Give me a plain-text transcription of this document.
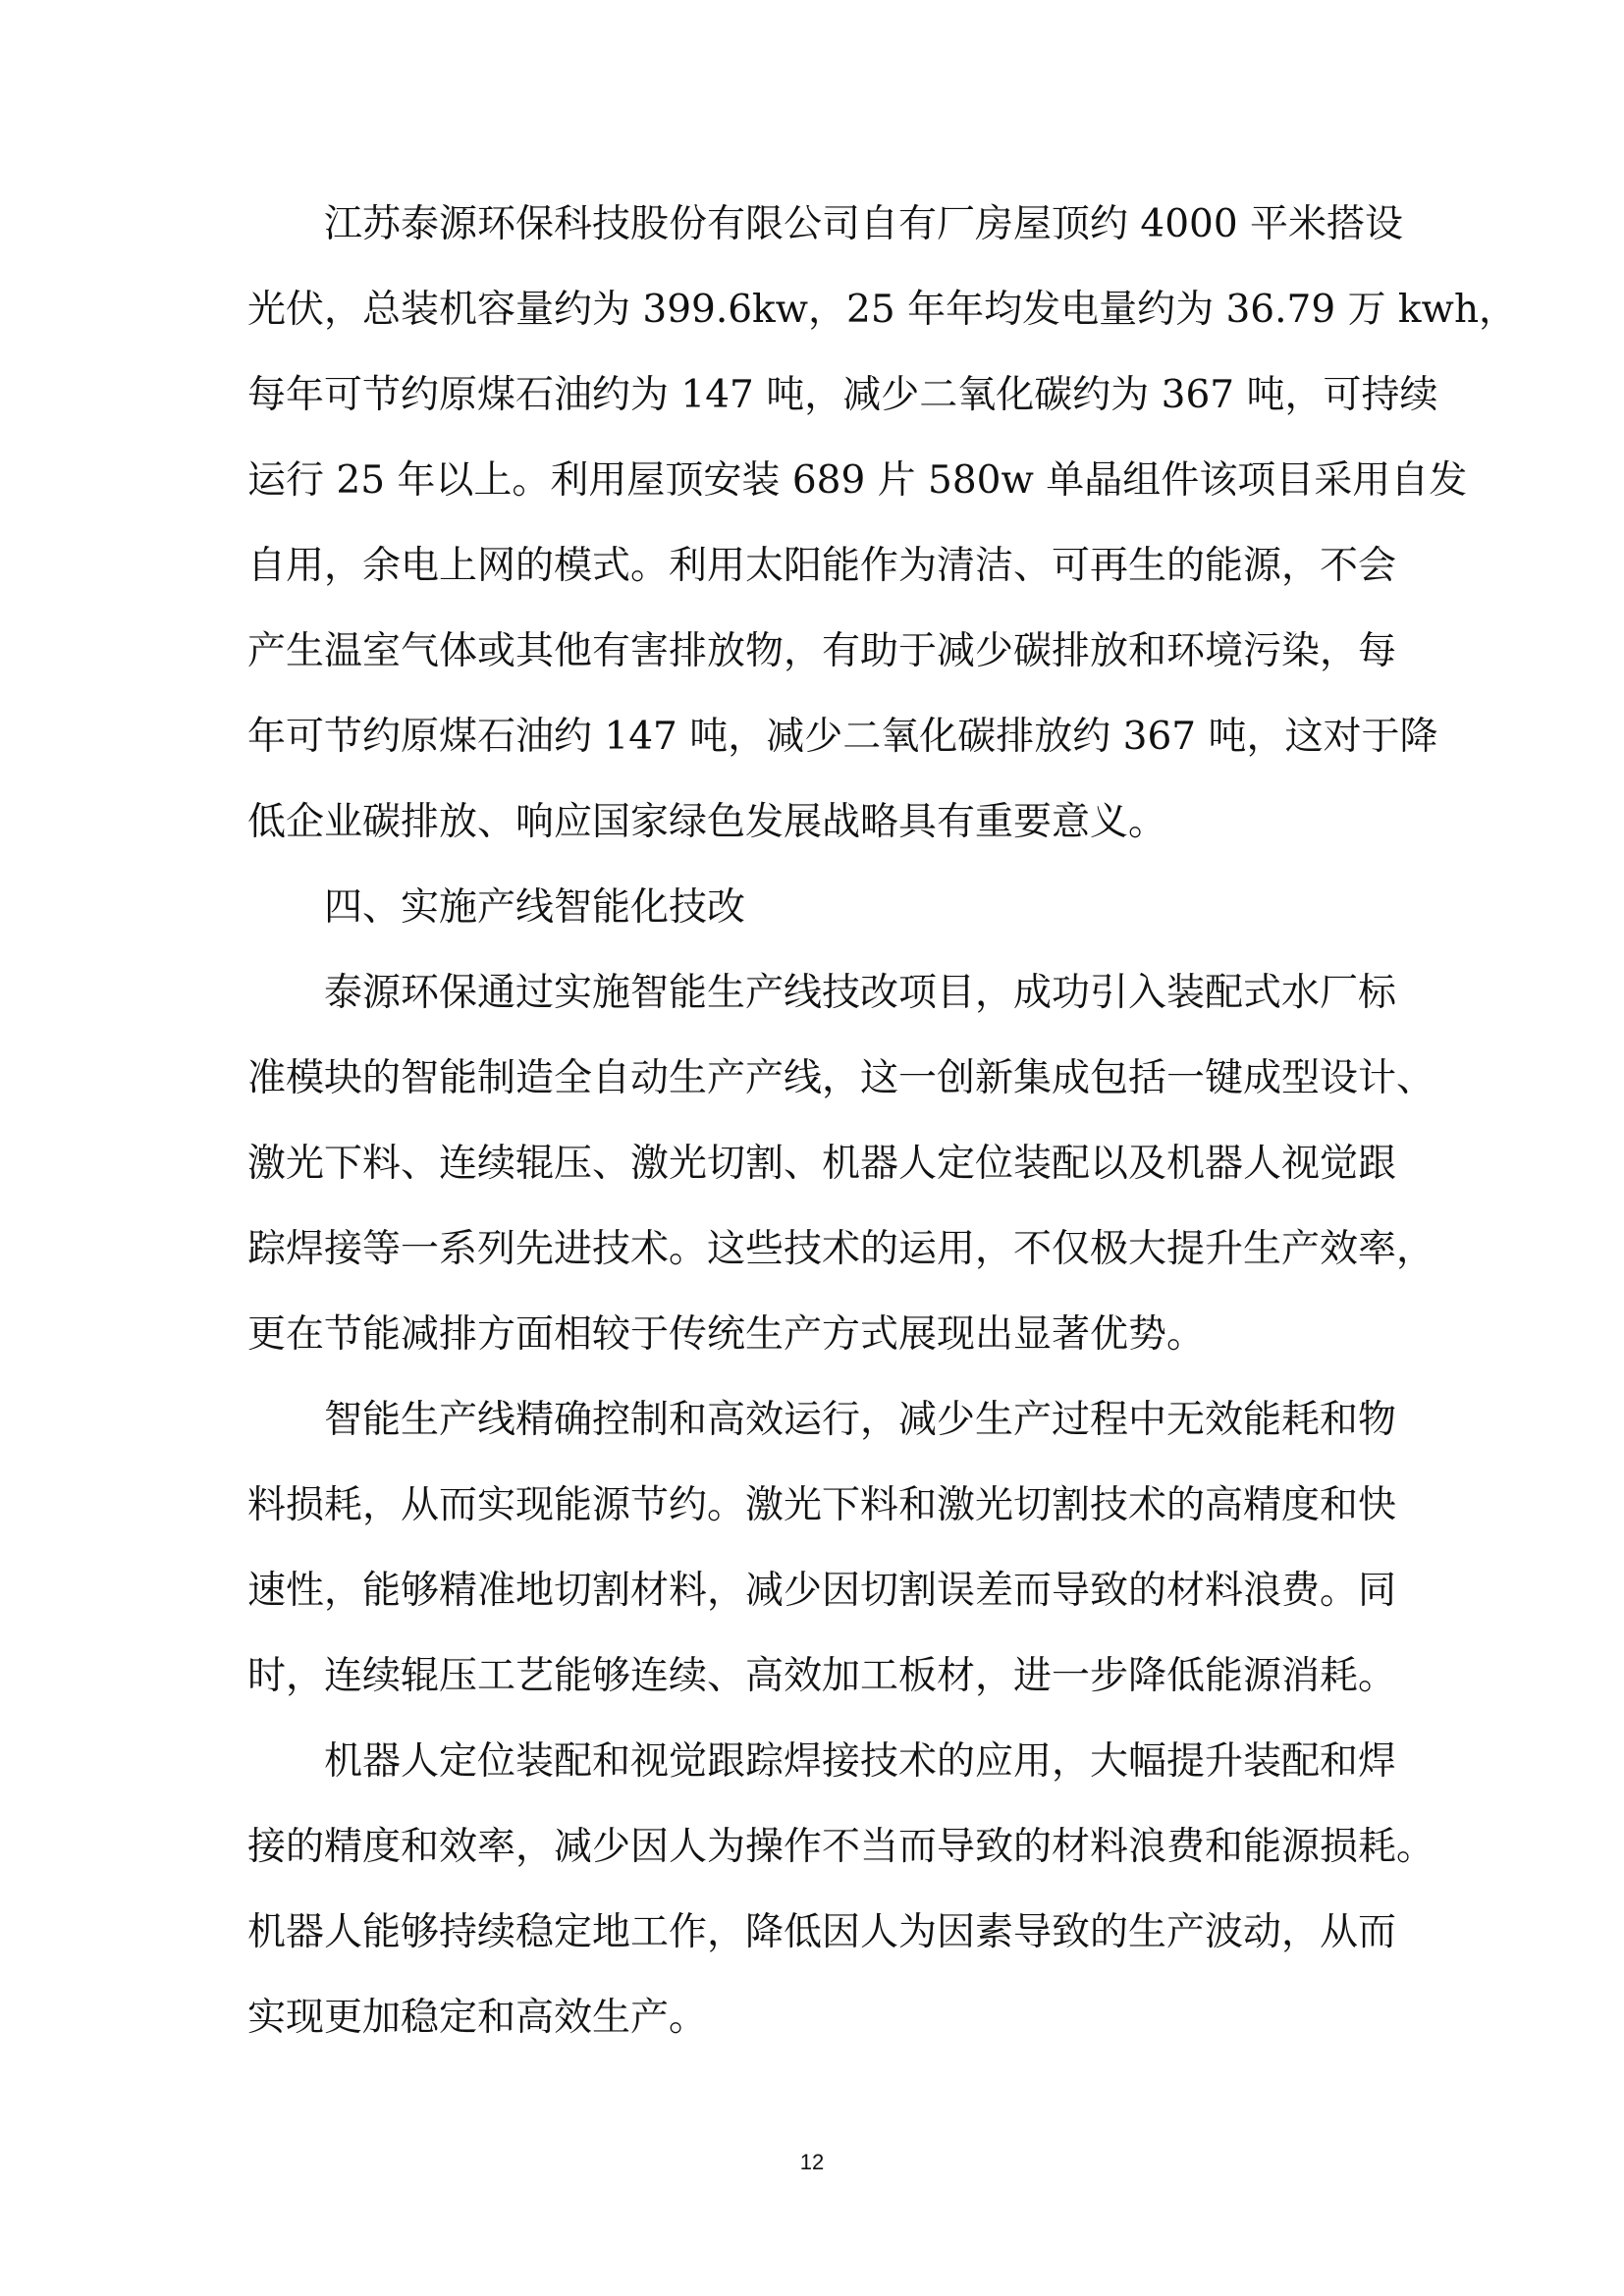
江苏泰源环保科技股份有限公司自有厂房屋顶约 4000 平米搭设
光伏，总装机容量约为 399.6kw，25 年年均发电量约为 36.79 万 kwh，
每年可节约原煤石油约为 147 吨，减少二氧化碳约为 367 吨，可持续
运行 25 年以上。利用屋顶安装 689 片 580w 单晶组件该项目采用自发
自用，余电上网的模式。利用太阳能作为清洁、可再生的能源，不会
产生温室气体或其他有害排放物，有助于减少碳排放和环境污染，每
年可节约原煤石油约 147 吨，减少二氧化碳排放约 367 吨，这对于降
低企业碳排放、响应国家绿色发展战略具有重要意义。
四、实施产线智能化技改
泰源环保通过实施智能生产线技改项目，成功引入装配式水厂标
准模块的智能制造全自动生产产线，这一创新集成包括一键成型设计、
激光下料、连续辊压、激光切割、机器人定位装配以及机器人视觉跟
踪焊接等一系列先进技术。这些技术的运用，不仅极大提升生产效率，
更在节能减排方面相较于传统生产方式展现出显著优势。
智能生产线精确控制和高效运行，减少生产过程中无效能耗和物
料损耗，从而实现能源节约。激光下料和激光切割技术的高精度和快
速性，能够精准地切割材料，减少因切割误差而导致的材料浪费。同
时，连续辊压工艺能够连续、高效加工板材，进一步降低能源消耗。
机器人定位装配和视觉跟踪焊接技术的应用，大幅提升装配和焊
接的精度和效率，减少因人为操作不当而导致的材料浪费和能源损耗。
机器人能够持续稳定地工作，降低因人为因素导致的生产波动，从而
实现更加稳定和高效生产。
12
